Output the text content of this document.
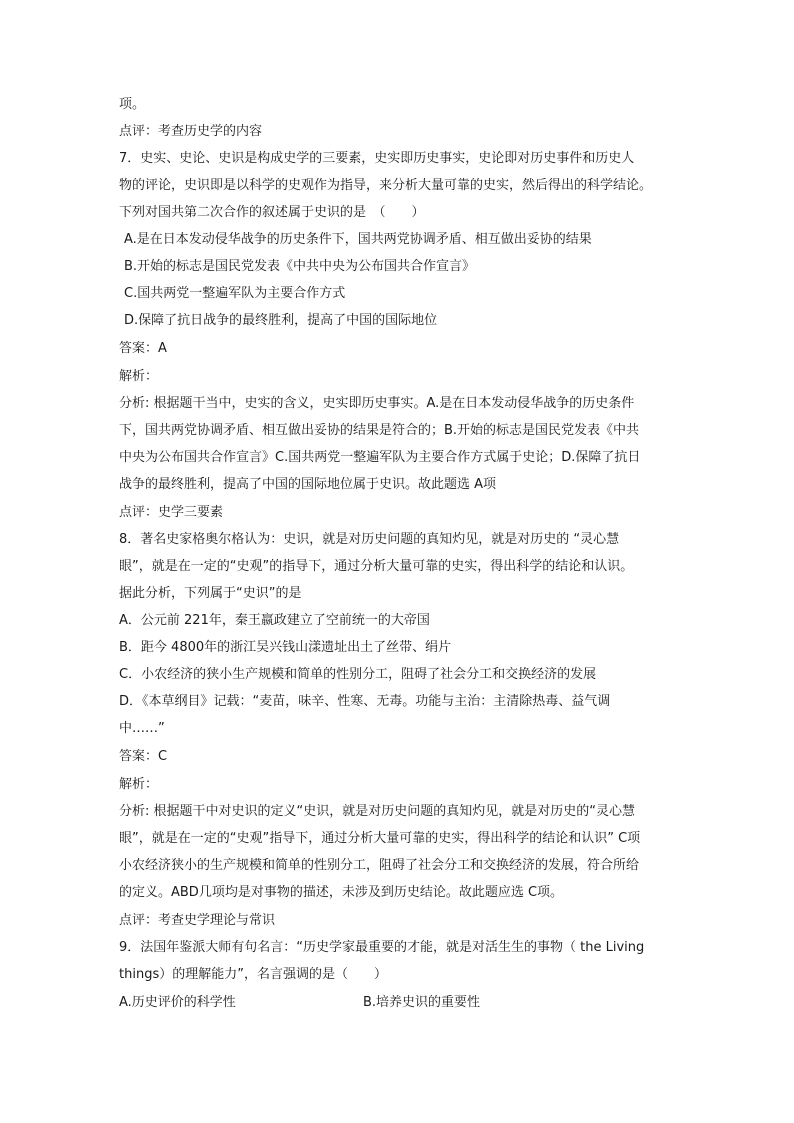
项。
点评：考查历史学的内容
7．史实、史论、史识是构成史学的三要素，史实即历史事实，史论即对历史事件和历史人
物的评论，史识即是以科学的史观作为指导，来分析大量可靠的史实，然后得出的科学结论。
下列对国共第二次合作的叙述属于史识的是　（　　）
A.是在日本发动侵华战争的历史条件下，国共两党协调矛盾、相互做出妥协的结果
B.开始的标志是国民党发表《中共中央为公布国共合作宣言》
C.国共两党一整遍军队为主要合作方式
D.保障了抗日战争的最终胜利，提高了中国的国际地位
答案：A
解析：
分析: 根据题干当中，史实的含义，史实即历史事实。A.是在日本发动侵华战争的历史条件
下，国共两党协调矛盾、相互做出妥协的结果是符合的；B.开始的标志是国民党发表《中共
中央为公布国共合作宣言》C.国共两党一整遍军队为主要合作方式属于史论；D.保障了抗日
战争的最终胜利，提高了中国的国际地位属于史识。故此题选 A项
点评：史学三要素
8．著名史家格奥尔格认为：史识，就是对历史问题的真知灼见，就是对历史的 “灵心慧
眼”，就是在一定的“史观”的指导下，通过分析大量可靠的史实，得出科学的结论和认识。
据此分析，下列属于“史识”的是
A．公元前 221年，秦王嬴政建立了空前统一的大帝国
B．距今 4800年的浙江吴兴钱山漾遗址出土了丝带、绢片
C．小农经济的狭小生产规模和简单的性别分工，阻碍了社会分工和交换经济的发展
D．《本草纲目》记载：“麦苗，味辛、性寒、无毒。功能与主治：主清除热毒、益气调
中……”
答案：C
解析：
分析: 根据题干中对史识的定义“史识，就是对历史问题的真知灼见，就是对历史的“灵心慧
眼”，就是在一定的“史观”指导下，通过分析大量可靠的史实，得出科学的结论和认识” C项
小农经济狭小的生产规模和简单的性别分工，阻碍了社会分工和交换经济的发展，符合所给
的定义。ABD几项均是对事物的描述，未涉及到历史结论。故此题应选 C项。
点评：考查史学理论与常识
9．法国年鉴派大师有句名言：“历史学家最重要的才能，就是对活生生的事物（ the Living
things）的理解能力”，名言强调的是（　　）
A.历史评价的科学性	B.培养史识的重要性
